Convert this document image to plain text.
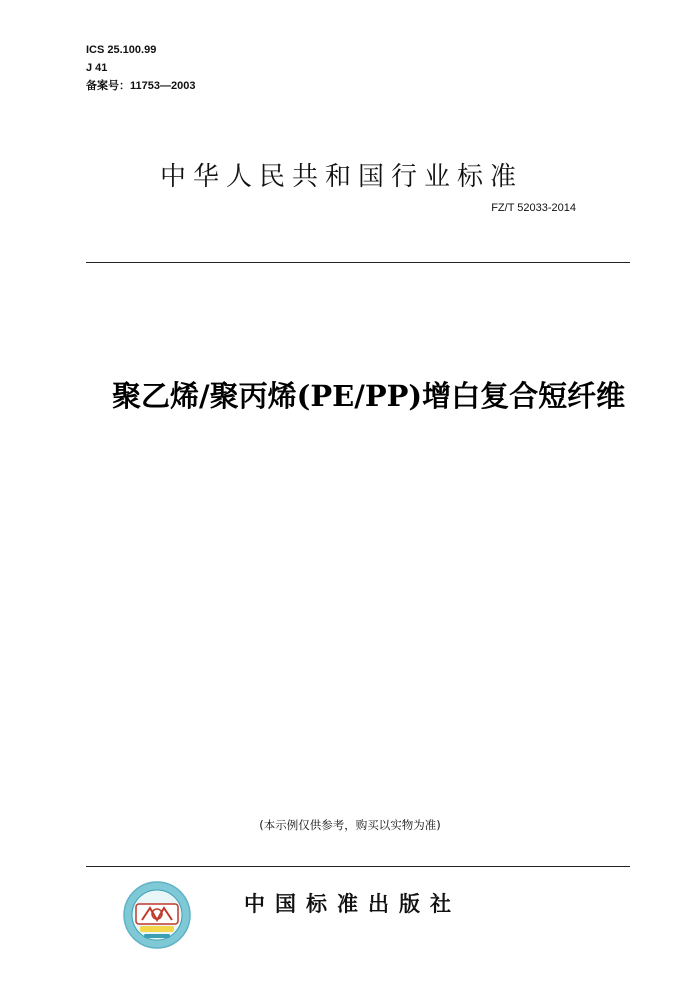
ICS 25.100.99
J 41
备案号：11753—2003
中华人民共和国行业标准
FZ/T 52033-2014
聚乙烯/聚丙烯(PE/PP)增白复合短纤维
(本示例仅供参考，购买以实物为准)
中国标准出版社
